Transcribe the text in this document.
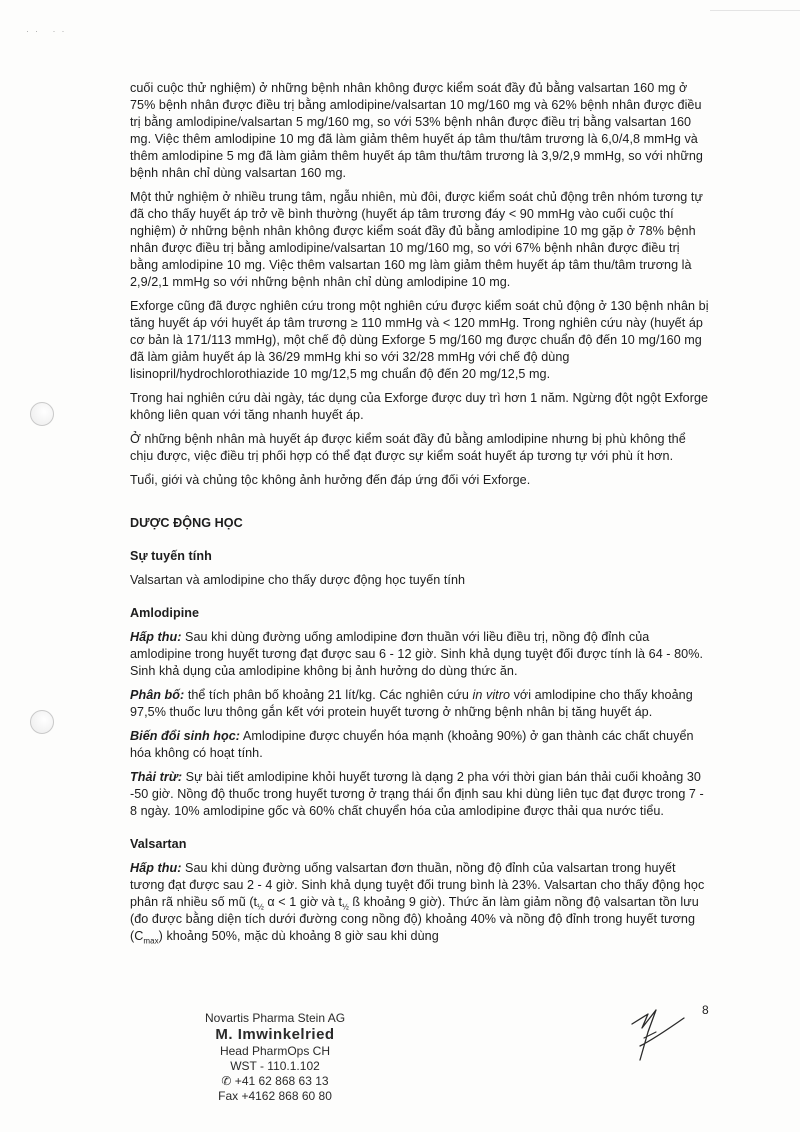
·· ··

cuối cuộc thử nghiệm) ở những bệnh nhân không được kiểm soát đầy đủ bằng valsartan 160 mg ở 75% bệnh nhân được điều trị bằng amlodipine/valsartan 10 mg/160 mg và 62% bệnh nhân được điều trị bằng amlodipine/valsartan 5 mg/160 mg, so với 53% bệnh nhân được điều trị bằng valsartan 160 mg. Việc thêm amlodipine 10 mg đã làm giảm thêm huyết áp tâm thu/tâm trương là 6,0/4,8 mmHg và thêm amlodipine 5 mg đã làm giảm thêm huyết áp tâm thu/tâm trương là 3,9/2,9 mmHg, so với những bệnh nhân chỉ dùng valsartan 160 mg.

Một thử nghiệm ở nhiều trung tâm, ngẫu nhiên, mù đôi, được kiểm soát chủ động trên nhóm tương tự đã cho thấy huyết áp trở về bình thường (huyết áp tâm trương đáy < 90 mmHg vào cuối cuộc thí nghiệm) ở những bệnh nhân không được kiểm soát đầy đủ bằng amlodipine 10 mg gặp ở 78% bệnh nhân được điều trị bằng amlodipine/valsartan 10 mg/160 mg, so với 67% bệnh nhân được điều trị bằng amlodipine 10 mg. Việc thêm valsartan 160 mg làm giảm thêm huyết áp tâm thu/tâm trương là 2,9/2,1 mmHg so với những bệnh nhân chỉ dùng amlodipine 10 mg.

Exforge cũng đã được nghiên cứu trong một nghiên cứu được kiểm soát chủ động ở 130 bệnh nhân bị tăng huyết áp với huyết áp tâm trương ≥ 110 mmHg và < 120 mmHg. Trong nghiên cứu này (huyết áp cơ bản là 171/113 mmHg), một chế độ dùng Exforge 5 mg/160 mg được chuẩn độ đến 10 mg/160 mg đã làm giảm huyết áp là 36/29 mmHg khi so với 32/28 mmHg với chế độ dùng lisinopril/hydrochlorothiazide 10 mg/12,5 mg chuẩn độ đến 20 mg/12,5 mg.

Trong hai nghiên cứu dài ngày, tác dụng của Exforge được duy trì hơn 1 năm. Ngừng đột ngột Exforge không liên quan với tăng nhanh huyết áp.

Ở những bệnh nhân mà huyết áp được kiểm soát đầy đủ bằng amlodipine nhưng bị phù không thể chịu được, việc điều trị phối hợp có thể đạt được sự kiểm soát huyết áp tương tự với phù ít hơn.

Tuổi, giới và chủng tộc không ảnh hưởng đến đáp ứng đối với Exforge.

DƯỢC ĐỘNG HỌC
Sự tuyến tính

Valsartan và amlodipine cho thấy dược động học tuyến tính

Amlodipine

Hấp thu: Sau khi dùng đường uống amlodipine đơn thuần với liều điều trị, nồng độ đỉnh của amlodipine trong huyết tương đạt được sau 6 - 12 giờ. Sinh khả dụng tuyệt đối được tính là 64 - 80%. Sinh khả dụng của amlodipine không bị ảnh hưởng do dùng thức ăn.

Phân bố: thể tích phân bố khoảng 21 lít/kg. Các nghiên cứu in vitro với amlodipine cho thấy khoảng 97,5% thuốc lưu thông gắn kết với protein huyết tương ở những bệnh nhân bị tăng huyết áp.

Biến đổi sinh học: Amlodipine được chuyển hóa mạnh (khoảng 90%) ở gan thành các chất chuyển hóa không có hoạt tính.

Thải trừ: Sự bài tiết amlodipine khỏi huyết tương là dạng 2 pha với thời gian bán thải cuối khoảng 30 -50 giờ. Nồng độ thuốc trong huyết tương ở trạng thái ổn định sau khi dùng liên tục đạt được trong 7 - 8 ngày. 10% amlodipine gốc và 60% chất chuyển hóa của amlodipine được thải qua nước tiểu.

Valsartan

Hấp thu: Sau khi dùng đường uống valsartan đơn thuần, nồng độ đỉnh của valsartan trong huyết tương đạt được sau 2 - 4 giờ. Sinh khả dụng tuyệt đối trung bình là 23%. Valsartan cho thấy động học phân rã nhiều số mũ ($t_{\frac{1}{2}}$ α < 1 giờ và $t_{\frac{1}{2}}$ ß khoảng 9 giờ). Thức ăn làm giảm nồng độ valsartan tồn lưu (đo được bằng diện tích dưới đường cong nồng độ) khoảng 40% và nồng độ đỉnh trong huyết tương $(C_{max})$ khoảng 50%, mặc dù khoảng 8 giờ sau khi dùng

8
Novartis Pharma Stein AG
M. Imwinkelried
Head PharmOps CH
WST - 110.1.102
✆ +41 62 868 63 13
Fax +4162 868 60 80
